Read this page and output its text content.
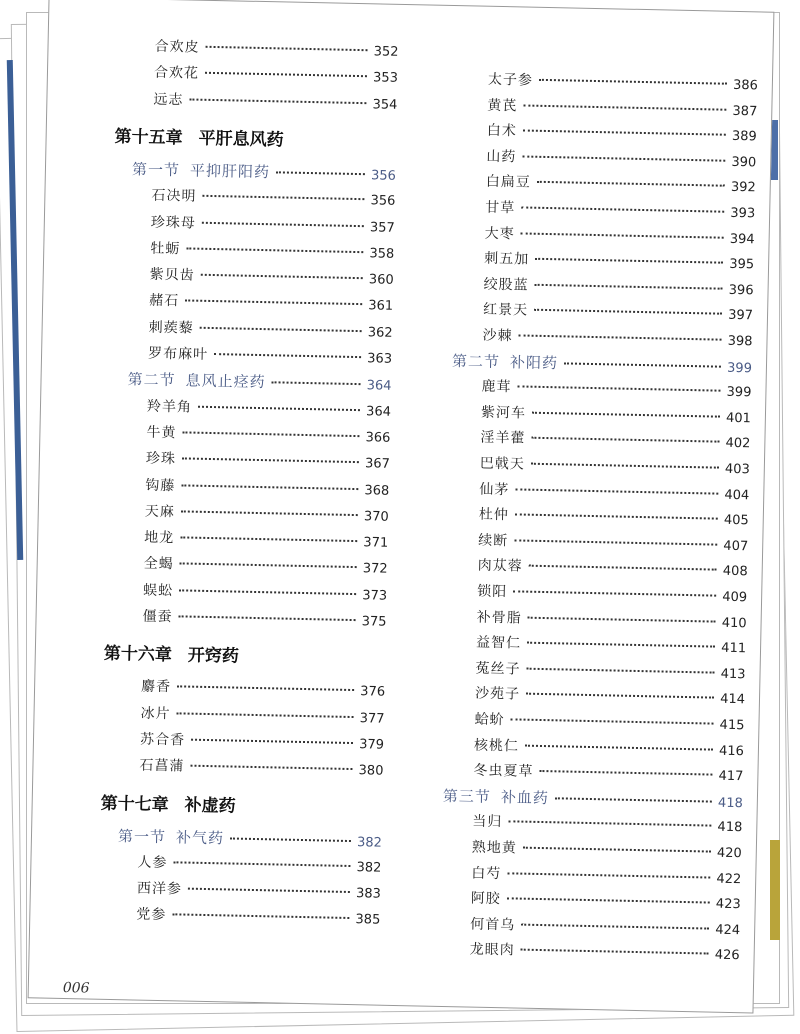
合欢皮	352
合欢花	353
远志	354
第十五章 平肝息风药
第一节 平抑肝阳药	356
石决明	356
珍珠母	357
牡蛎	358
紫贝齿	360
赭石	361
刺蒺藜	362
罗布麻叶	363
第二节 息风止痉药	364
羚羊角	364
牛黄	366
珍珠	367
钩藤	368
天麻	370
地龙	371
全蝎	372
蜈蚣	373
僵蚕	375
第十六章 开窍药
麝香	376
冰片	377
苏合香	379
石菖蒲	380
第十七章 补虚药
第一节 补气药	382
人参	382
西洋参	383
党参	385
太子参	386
黄芪	387
白术	389
山药	390
白扁豆	392
甘草	393
大枣	394
刺五加	395
绞股蓝	396
红景天	397
沙棘	398
第二节 补阳药	399
鹿茸	399
紫河车	401
淫羊藿	402
巴戟天	403
仙茅	404
杜仲	405
续断	407
肉苁蓉	408
锁阳	409
补骨脂	410
益智仁	411
菟丝子	413
沙苑子	414
蛤蚧	415
核桃仁	416
冬虫夏草	417
第三节 补血药	418
当归	418
熟地黄	420
白芍	422
阿胶	423
何首乌	424
龙眼肉	426
006
